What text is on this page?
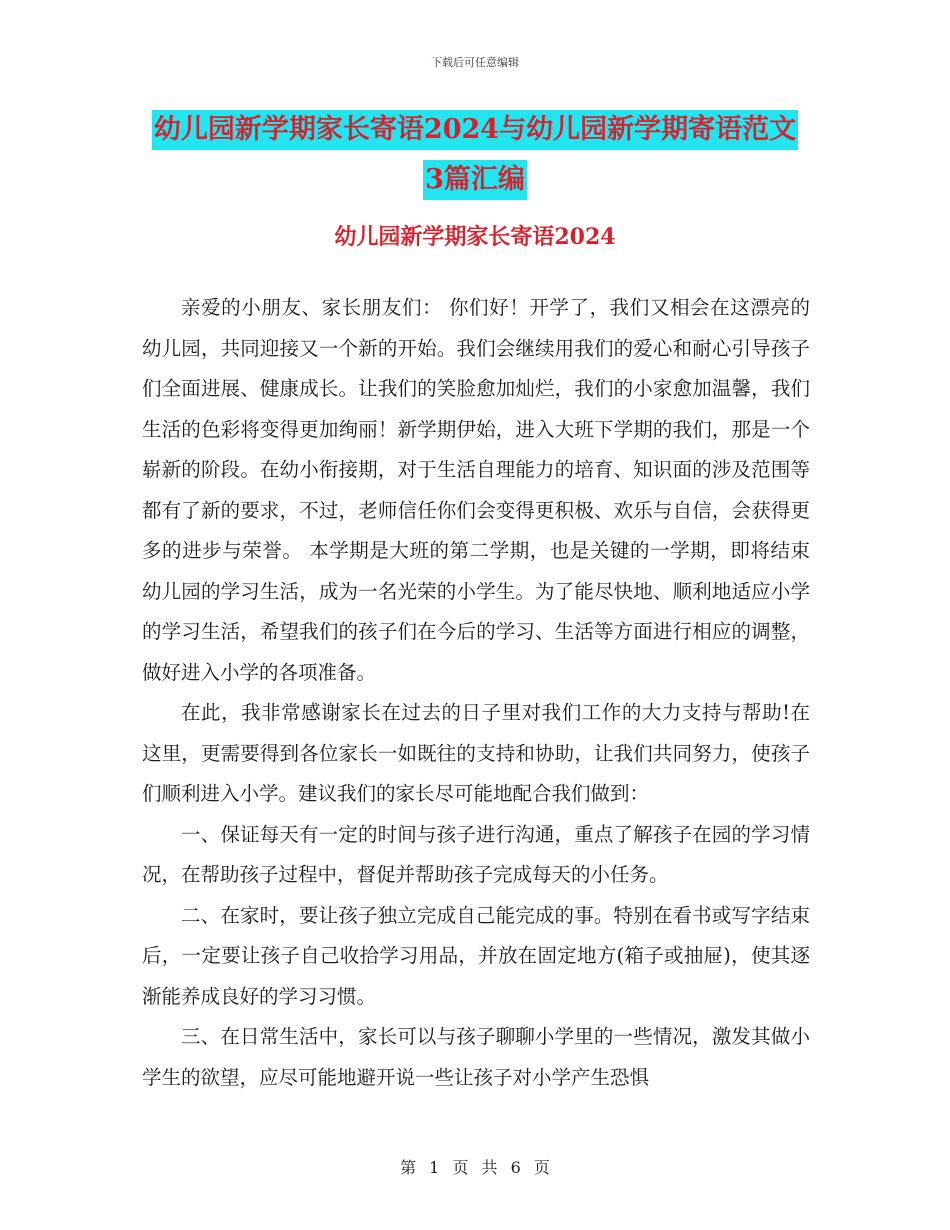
下载后可任意编辑
幼儿园新学期家长寄语2024与幼儿园新学期寄语范文
3篇汇编
幼儿园新学期家长寄语2024

亲爱的小朋友、家长朋友们： 你们好！开学了，我们又相会在这漂亮的幼儿园，共同迎接又一个新的开始。我们会继续用我们的爱心和耐心引导孩子们全面进展、健康成长。让我们的笑脸愈加灿烂，我们的小家愈加温馨，我们生活的色彩将变得更加绚丽！新学期伊始，进入大班下学期的我们，那是一个崭新的阶段。在幼小衔接期，对于生活自理能力的培育、知识面的涉及范围等都有了新的要求，不过，老师信任你们会变得更积极、欢乐与自信，会获得更多的进步与荣誉。 本学期是大班的第二学期，也是关键的一学期，即将结束幼儿园的学习生活，成为一名光荣的小学生。为了能尽快地、顺利地适应小学的学习生活，希望我们的孩子们在今后的学习、生活等方面进行相应的调整，做好进入小学的各项准备。

在此，我非常感谢家长在过去的日子里对我们工作的大力支持与帮助!在这里，更需要得到各位家长一如既往的支持和协助，让我们共同努力，使孩子们顺利进入小学。建议我们的家长尽可能地配合我们做到：

一、保证每天有一定的时间与孩子进行沟通，重点了解孩子在园的学习情况，在帮助孩子过程中，督促并帮助孩子完成每天的小任务。

二、在家时，要让孩子独立完成自己能完成的事。特别在看书或写字结束后，一定要让孩子自己收拾学习用品，并放在固定地方(箱子或抽屉)，使其逐渐能养成良好的学习习惯。

三、在日常生活中，家长可以与孩子聊聊小学里的一些情况，激发其做小学生的欲望，应尽可能地避开说一些让孩子对小学产生恐惧

第 1 页 共 6 页
